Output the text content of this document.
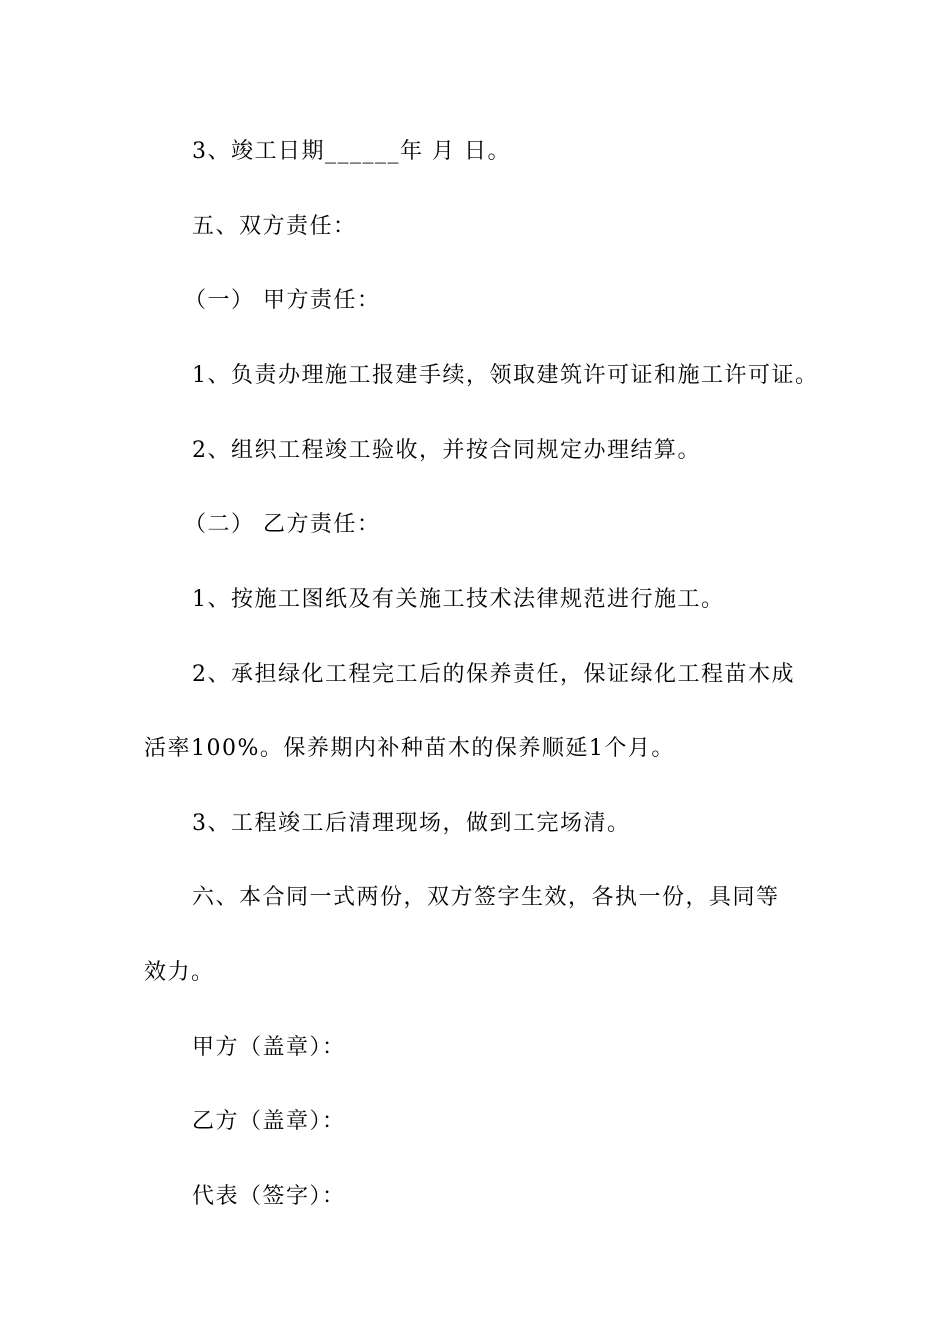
3、竣工日期______年 月 日。
五、双方责任：
（一） 甲方责任：
1、负责办理施工报建手续，领取建筑许可证和施工许可证。
2、组织工程竣工验收，并按合同规定办理结算。
（二） 乙方责任：
1、按施工图纸及有关施工技术法律规范进行施工。
2、承担绿化工程完工后的保养责任，保证绿化工程苗木成
活率100%。保养期内补种苗木的保养顺延1个月。
3、工程竣工后清理现场，做到工完场清。
六、本合同一式两份，双方签字生效，各执一份，具同等
效力。
甲方（盖章）：
乙方（盖章）：
代表（签字）：
